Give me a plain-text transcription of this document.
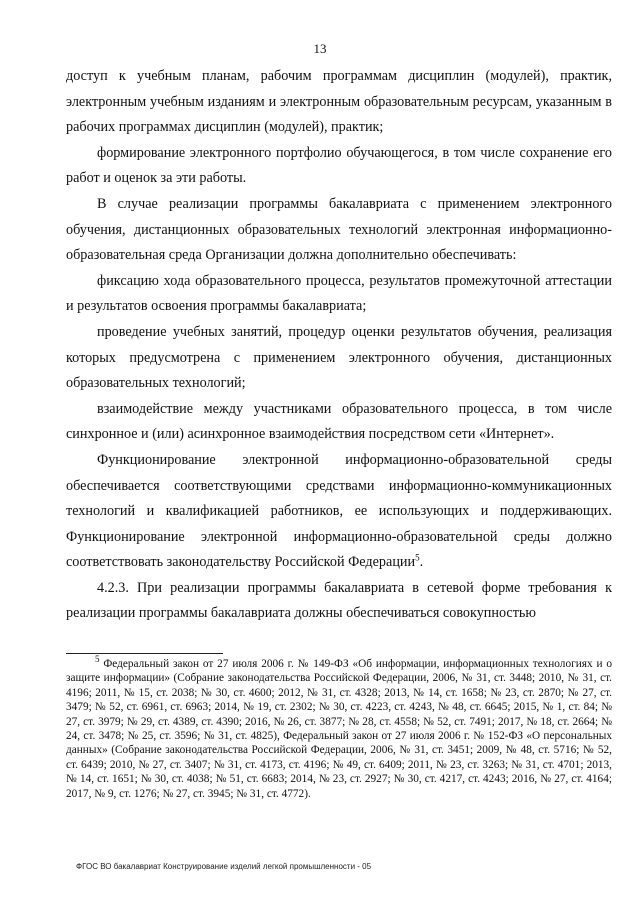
13

доступ к учебным планам, рабочим программам дисциплин (модулей), практик, электронным учебным изданиям и электронным образовательным ресурсам, указанным в рабочих программах дисциплин (модулей), практик;

формирование электронного портфолио обучающегося, в том числе сохранение его работ и оценок за эти работы.

В случае реализации программы бакалавриата с применением электронного обучения, дистанционных образовательных технологий электронная информационно-образовательная среда Организации должна дополнительно обеспечивать:

фиксацию хода образовательного процесса, результатов промежуточной аттестации и результатов освоения программы бакалавриата;

проведение учебных занятий, процедур оценки результатов обучения, реализация которых предусмотрена с применением электронного обучения, дистанционных образовательных технологий;

взаимодействие между участниками образовательного процесса, в том числе синхронное и (или) асинхронное взаимодействия посредством сети «Интернет».

Функционирование электронной информационно-образовательной среды обеспечивается соответствующими средствами информационно-коммуникационных технологий и квалификацией работников, ее использующих и поддерживающих. Функционирование электронной информационно-образовательной среды должно соответствовать законодательству Российской Федерации$^5$.

4.2.3. При реализации программы бакалавриата в сетевой форме требования к реализации программы бакалавриата должны обеспечиваться совокупностью

$^5$ Федеральный закон от 27 июля 2006 г. № 149-ФЗ «Об информации, информационных технологиях и о защите информации» (Собрание законодательства Российской Федерации, 2006, № 31, ст. 3448; 2010, № 31, ст. 4196; 2011, № 15, ст. 2038; № 30, ст. 4600; 2012, № 31, ст. 4328; 2013, № 14, ст. 1658; № 23, ст. 2870; № 27, ст. 3479; № 52, ст. 6961, ст. 6963; 2014, № 19, ст. 2302; № 30, ст. 4223, ст. 4243, № 48, ст. 6645; 2015, № 1, ст. 84; № 27, ст. 3979; № 29, ст. 4389, ст. 4390; 2016, № 26, ст. 3877; № 28, ст. 4558; № 52, ст. 7491; 2017, № 18, ст. 2664; № 24, ст. 3478; № 25, ст. 3596; № 31, ст. 4825), Федеральный закон от 27 июля 2006 г. № 152-ФЗ «О персональных данных» (Собрание законодательства Российской Федерации, 2006, № 31, ст. 3451; 2009, № 48, ст. 5716; № 52, ст. 6439; 2010, № 27, ст. 3407; № 31, ст. 4173, ст. 4196; № 49, ст. 6409; 2011, № 23, ст. 3263; № 31, ст. 4701; 2013, № 14, ст. 1651; № 30, ст. 4038; № 51, ст. 6683; 2014, № 23, ст. 2927; № 30, ст. 4217, ст. 4243; 2016, № 27, ст. 4164; 2017, № 9, ст. 1276; № 27, ст. 3945; № 31, ст. 4772).

ФГОС ВО бакалавриат Конструирование изделий легкой промышленности - 05
